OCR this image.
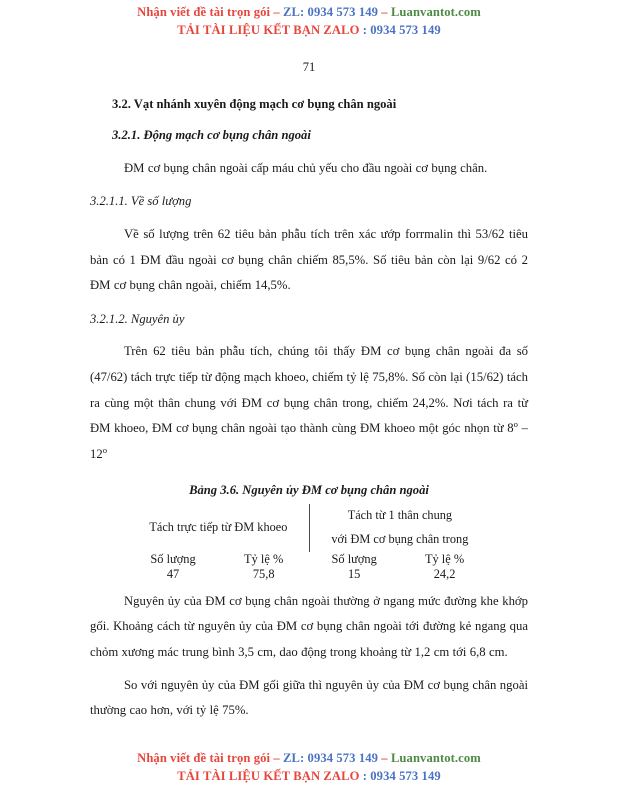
Nhận viết đề tài trọn gói – ZL: 0934 573 149 – Luanvantot.com
TẢI TÀI LIỆU KẾT BẠN ZALO : 0934 573 149
71
3.2. Vạt nhánh xuyên động mạch cơ bụng chân ngoài
3.2.1. Động mạch cơ bụng chân ngoài

ĐM cơ bụng chân ngoài cấp máu chủ yếu cho đầu ngoài cơ bụng chân.

3.2.1.1. Về số lượng

Về số lượng trên 62 tiêu bản phẫu tích trên xác ướp forrmalin thì 53/62 tiêu bản có 1 ĐM đầu ngoài cơ bụng chân chiếm 85,5%. Số tiêu bản còn lại 9/62 có 2 ĐM cơ bụng chân ngoài, chiếm 14,5%.

3.2.1.2. Nguyên ủy

Trên 62 tiêu bản phẫu tích, chúng tôi thấy ĐM cơ bụng chân ngoài đa số (47/62) tách trực tiếp từ động mạch khoeo, chiếm tỷ lệ 75,8%. Số còn lại (15/62) tách ra cùng một thân chung với ĐM cơ bụng chân trong, chiếm 24,2%. Nơi tách ra từ ĐM khoeo, ĐM cơ bụng chân ngoài tạo thành cùng ĐM khoeo một góc nhọn từ 8$^o$ – 12$^o$

Bảng 3.6. Nguyên ủy ĐM cơ bụng chân ngoài
Tách trực tiếp từ ĐM khoeo		Tách từ 1 thân chung
với ĐM cơ bụng chân trong	

Số lượng	Tỷ lệ %	Số lượng	Tỷ lệ %
47	75,8	15	24,2

Nguyên ủy của ĐM cơ bụng chân ngoài thường ở ngang mức đường khe khớp gối. Khoảng cách từ nguyên ủy của ĐM cơ bụng chân ngoài tới đường kẻ ngang qua chỏm xương mác trung bình 3,5 cm, dao động trong khoảng từ 1,2 cm tới 6,8 cm.

So với nguyên ủy của ĐM gối giữa thì nguyên ủy của ĐM cơ bụng chân ngoài thường cao hơn, với tỷ lệ 75%.

Nhận viết đề tài trọn gói – ZL: 0934 573 149 – Luanvantot.com
TẢI TÀI LIỆU KẾT BẠN ZALO : 0934 573 149
